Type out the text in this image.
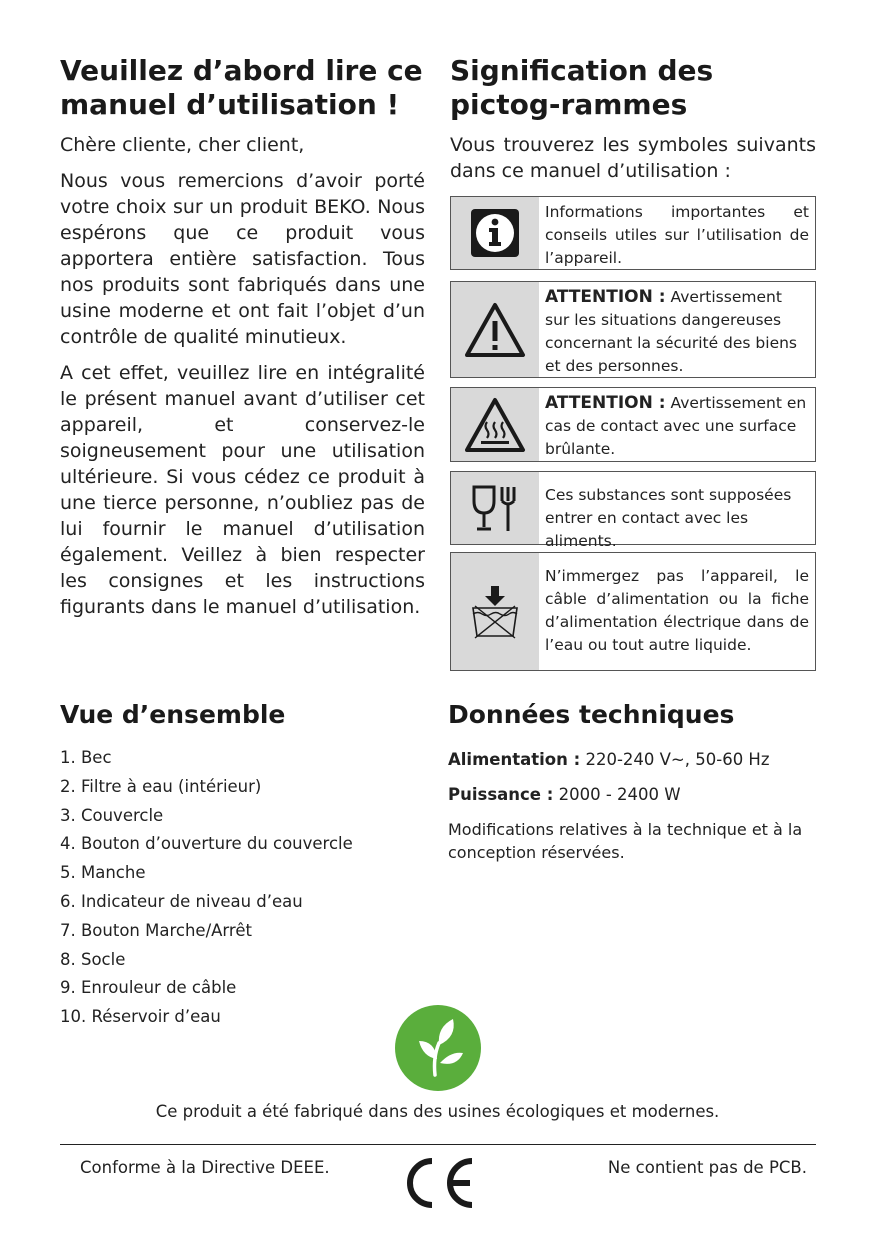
Veuillez d’abord lire ce manuel d’utilisation !

Chère cliente, cher client,

Nous vous remercions d’avoir porté votre choix sur un produit BEKO. Nous espérons que ce produit vous apportera entière satisfaction. Tous nos produits sont fabriqués dans une usine moderne et ont fait l’objet d’un contrôle de qualité minutieux.

A cet effet, veuillez lire en intégralité le présent manuel avant d’utiliser cet appareil, et conservez-le soigneusement pour une utilisation ultérieure. Si vous cédez ce produit à une tierce personne, n’oubliez pas de lui fournir le manuel d’utilisation également. Veillez à bien respecter les consignes et les instructions figurants dans le manuel d’utilisation.

Signification des pictog-rammes

Vous trouverez les symboles suivants dans ce manuel d’utilisation :

Informations importantes et conseils utiles sur l’utilisation de l’appareil.
ATTENTION : Avertissement sur les situations dangereuses concernant la sécurité des biens et des personnes.
ATTENTION : Avertissement en cas de contact avec une surface brûlante.
Ces substances sont supposées entrer en contact avec les aliments.
N’immergez pas l’appareil, le câble d’alimentation ou la fiche d’alimentation électrique dans de l’eau ou tout autre liquide.
Vue d’ensemble
1. Bec
2. Filtre à eau (intérieur)
3. Couvercle
4. Bouton d’ouverture du couvercle
5. Manche
6. Indicateur de niveau d’eau
7. Bouton Marche/Arrêt
8. Socle
9. Enrouleur de câble
10. Réservoir d’eau
Données techniques
Alimentation : 220-240 V~, 50-60 Hz
Puissance : 2000 - 2400 W

Modifications relatives à la technique et à la conception réservées.

Ce produit a été fabriqué dans des usines écologiques et modernes.

Conforme à la Directive DEEE.	Ne contient pas de PCB.
